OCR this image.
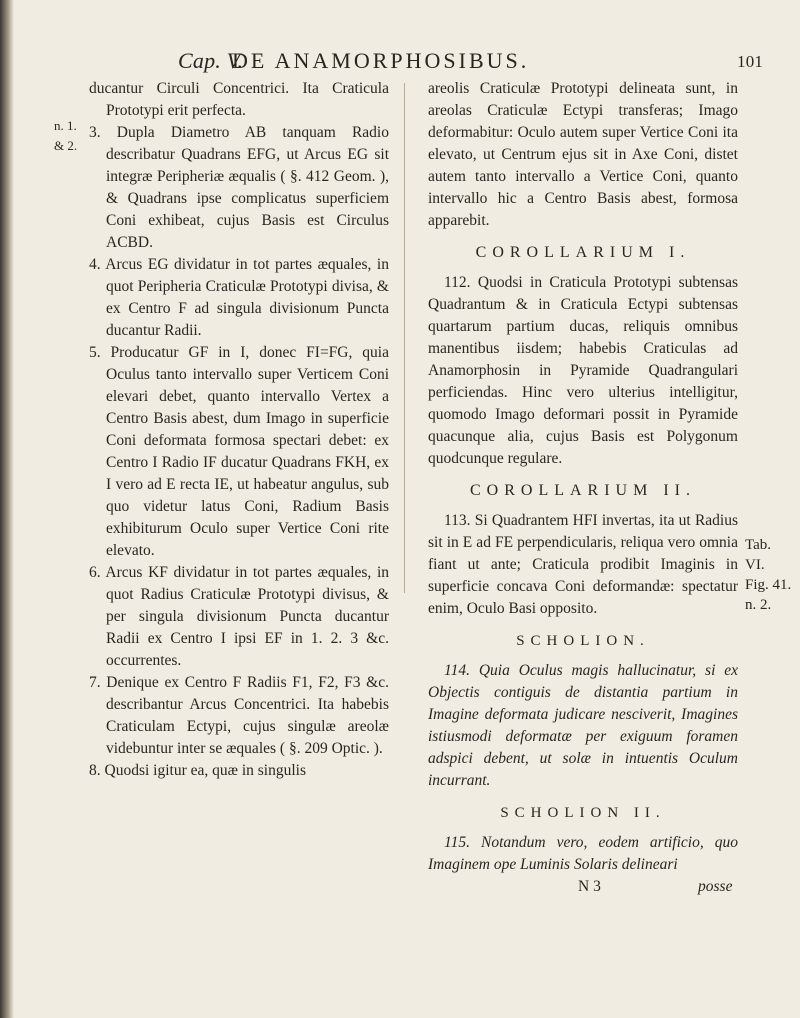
Cap. V.
DE ANAMORPHOSIBUS.	101
n. 1.
& 2.

ducantur Circuli Concentrici. Ita Craticula Prototypi erit perfecta.

3. Dupla Diametro AB tanquam Radio describatur Quadrans EFG, ut Arcus EG sit integræ Peripheriæ æqualis ( §. 412 Geom. ), & Quadrans ipse complicatus superficiem Coni exhibeat, cujus Basis est Circulus ACBD.

4. Arcus EG dividatur in tot partes æquales, in quot Peripheria Craticulæ Prototypi divisa, & ex Centro F ad singula divisionum Puncta ducantur Radii.

5. Producatur GF in I, donec FI=FG, quia Oculus tanto intervallo super Verticem Coni elevari debet, quanto intervallo Vertex a Centro Basis abest, dum Imago in superficie Coni deformata formosa spectari debet: ex Centro I Radio IF ducatur Quadrans FKH, ex I vero ad E recta IE, ut habeatur angulus, sub quo videtur latus Coni, Radium Basis exhibiturum Oculo super Vertice Coni rite elevato.

6. Arcus KF dividatur in tot partes æquales, in quot Radius Craticulæ Prototypi divisus, & per singula divisionum Puncta ducantur Radii ex Centro I ipsi EF in 1. 2. 3 &c. occurrentes.

7. Denique ex Centro F Radiis F1, F2, F3 &c. describantur Arcus Concentrici. Ita habebis Craticulam Ectypi, cujus singulæ areolæ videbuntur inter se æquales ( §. 209 Optic. ).

8. Quodsi igitur ea, quæ in singulis

areolis Craticulæ Prototypi delineata sunt, in areolas Craticulæ Ectypi transferas; Imago deformabitur: Oculo autem super Vertice Coni ita elevato, ut Centrum ejus sit in Axe Coni, distet autem tanto intervallo a Vertice Coni, quanto intervallo hic a Centro Basis abest, formosa apparebit.

COROLLARIUM I.

112. Quodsi in Craticula Prototypi subtensas Quadrantum & in Craticula Ectypi subtensas quartarum partium ducas, reliquis omnibus manentibus iisdem; habebis Craticulas ad Anamorphosin in Pyramide Quadrangulari perficiendas. Hinc vero ulterius intelligitur, quomodo Imago deformari possit in Pyramide quacunque alia, cujus Basis est Polygonum quodcunque regulare.

COROLLARIUM II.

113. Si Quadrantem HFI invertas, ita ut Radius sit in E ad FE perpendicularis, reliqua vero omnia fiant ut ante; Craticula prodibit Imaginis in superficie concava Coni deformandæ: spectatur enim, Oculo Basi opposito.

SCHOLION.

114. Quia Oculus magis hallucinatur, si ex Objectis contiguis de distantia partium in Imagine deformata judicare nesciverit, Imagines istiusmodi deformatæ per exiguum foramen adspici debent, ut solæ in intuentis Oculum incurrant.

SCHOLION II.

115. Notandum vero, eodem artificio, quo Imaginem ope Luminis Solaris delineari

N 3	posse
Tab.
VI.
Fig. 41.
n. 2.
